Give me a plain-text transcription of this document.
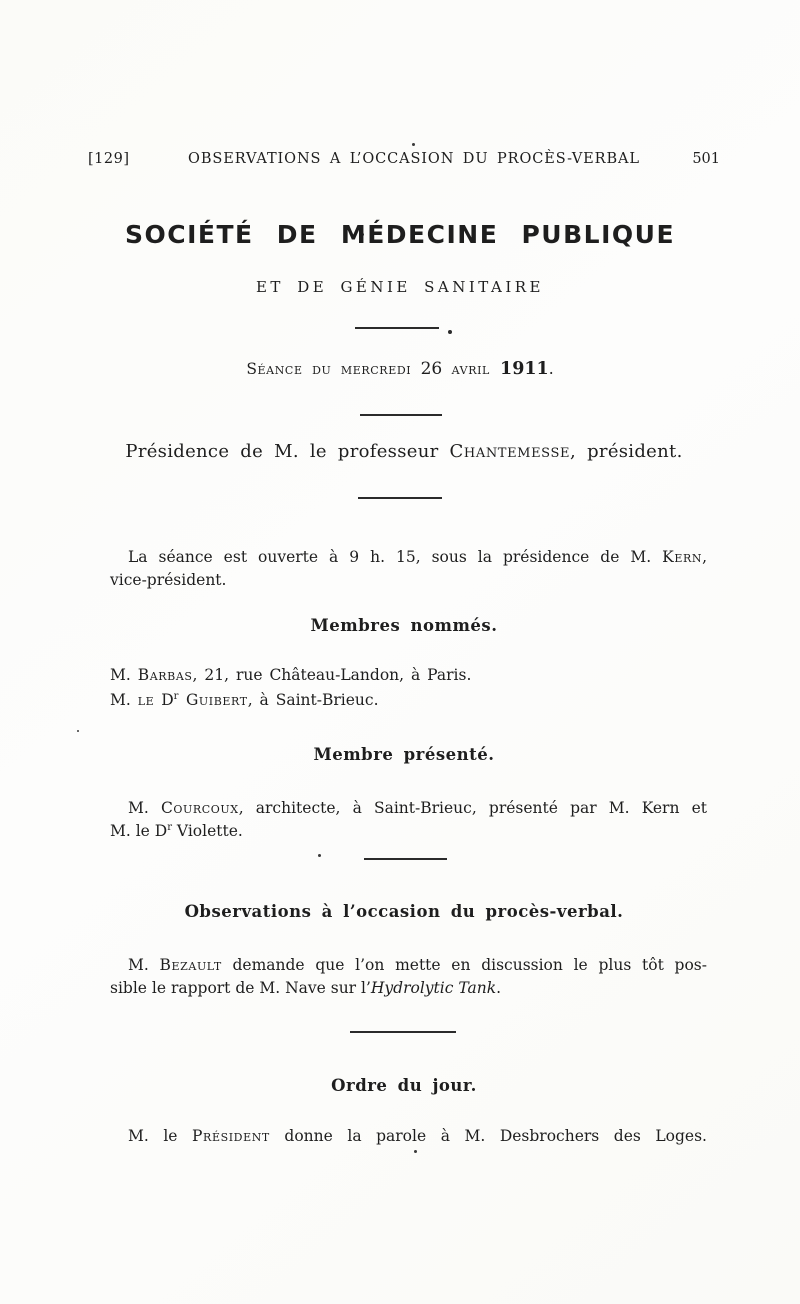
[129]	OBSERVATIONS A L’OCCASION DU PROCÈS-VERBAL	501
SOCIÉTÉ DE MÉDECINE PUBLIQUE
ET DE GÉNIE SANITAIRE
Séance du mercredi 26 avril 1911.
Présidence de M. le professeur Chantemesse, président.
La séance est ouverte à 9 h. 15, sous la présidence de M. Kern,
vice-président.
Membres nommés.
M. Barbas, 21, rue Château-Landon, à Paris.
M. le $D^r$ Guibert, à Saint-Brieuc.
Membre présenté.
M. Courcoux, architecte, à Saint-Brieuc, présenté par M. Kern et
M. le $D^r$ Violette.
Observations à l’occasion du procès-verbal.
M. Bezault demande que l’on mette en discussion le plus tôt pos-
sible le rapport de M. Nave sur l’Hydrolytic Tank.
Ordre du jour.
M. le Président donne la parole à M. Desbrochers des Loges.
